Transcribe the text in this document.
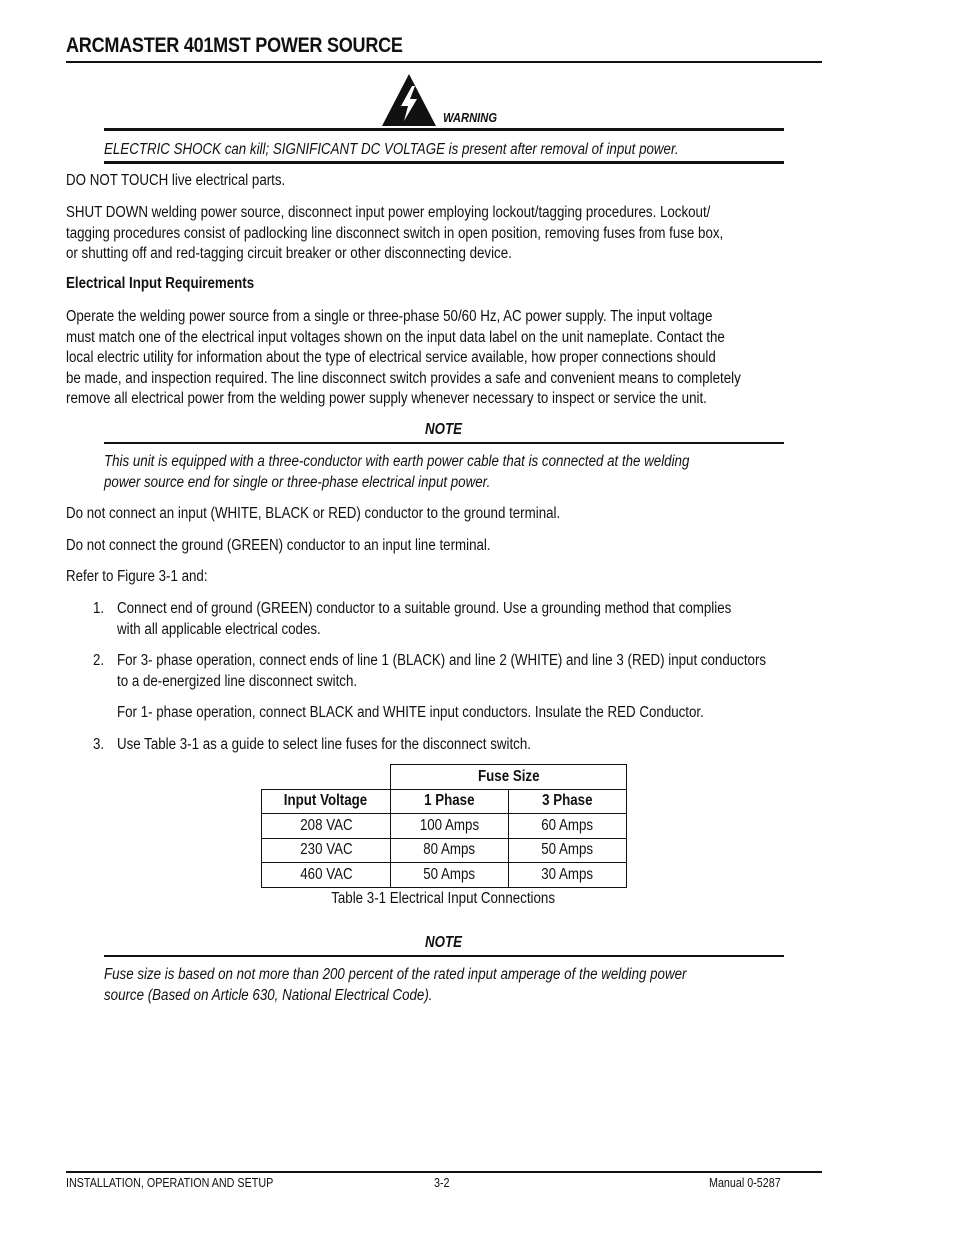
ARCMASTER 401MST POWER SOURCE
WARNING
ELECTRIC SHOCK can kill; SIGNIFICANT DC VOLTAGE is present after removal of input power.
DO NOT TOUCH live electrical parts.
SHUT DOWN welding power source, disconnect input power employing lockout/tagging procedures. Lockout/
tagging procedures consist of padlocking line disconnect switch in open position, removing fuses from fuse box,
or shutting off and red-tagging circuit breaker or other disconnecting device.
Electrical Input Requirements
Operate the welding power source from a single or three-phase 50/60 Hz, AC power supply. The input voltage
must match one of the electrical input voltages shown on the input data label on the unit nameplate. Contact the
local electric utility for information about the type of electrical service available, how proper connections should
be made, and inspection required. The line disconnect switch provides a safe and convenient means to completely
remove all electrical power from the welding power supply whenever necessary to inspect or service the unit.
NOTE
This unit is equipped with a three-conductor with earth power cable that is connected at the welding
power source end for single or three-phase electrical input power.
Do not connect an input (WHITE, BLACK or RED) conductor to the ground terminal.
Do not connect the ground (GREEN) conductor to an input line terminal.
Refer to Figure 3-1 and:
1. Connect end of ground (GREEN) conductor to a suitable ground. Use a grounding method that complies
with all applicable electrical codes.
2. For 3- phase operation, connect ends of line 1 (BLACK) and line 2 (WHITE) and line 3 (RED) input conductors
to a de-energized line disconnect switch.
For 1- phase operation, connect BLACK and WHITE input conductors. Insulate the RED Conductor.
3. Use Table 3-1 as a guide to select line fuses for the disconnect switch.
	Fuse Size	
Input Voltage	1 Phase	3 Phase
208 VAC	100 Amps	60 Amps
230 VAC	80 Amps	50 Amps
460 VAC	50 Amps	30 Amps
Table 3-1 Electrical Input Connections
NOTE
Fuse size is based on not more than 200 percent of the rated input amperage of the welding power
source (Based on Article 630, National Electrical Code).
INSTALLATION, OPERATION AND SETUP	3-2	Manual 0-5287
